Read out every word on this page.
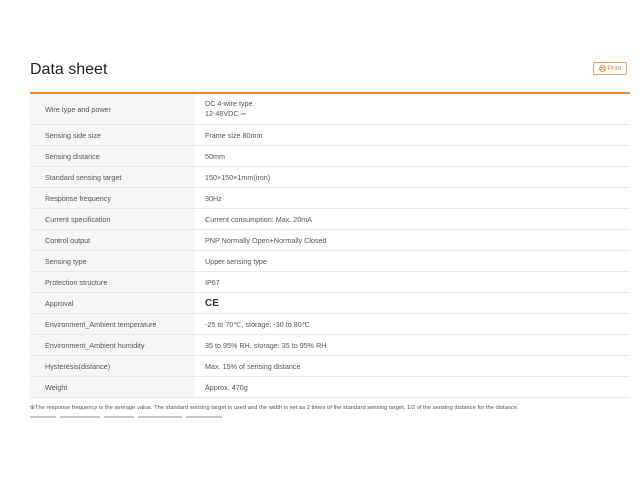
Data sheet	Print
Wire type and power	DC 4-wire type
12-48VDC ⎓

Sensing side size	Frame size 80mm

Sensing distance	50mm

Standard sensing target	150×150×1mm(iron)

Response frequency	30Hz

Current specification	Current consumption: Max. 20mA

Control output	PNP Normally Open+Normally Closed

Sensing type	Upper sensing type

Protection structure	IP67

Approval	CE

Environment_Ambient temperature	-25 to 70℃, storage: -30 to 80℃

Environment_Ambient humidity	35 to 95% RH, storage: 35 to 95% RH

Hysteresis(distance)	Max. 15% of sensing distance

Weight	Approx. 470g
※The response frequency is the average value. The standard sensing target is used and the width is set as 2 times of the standard sensing target, 1/2 of the sensing distance for the distance.
